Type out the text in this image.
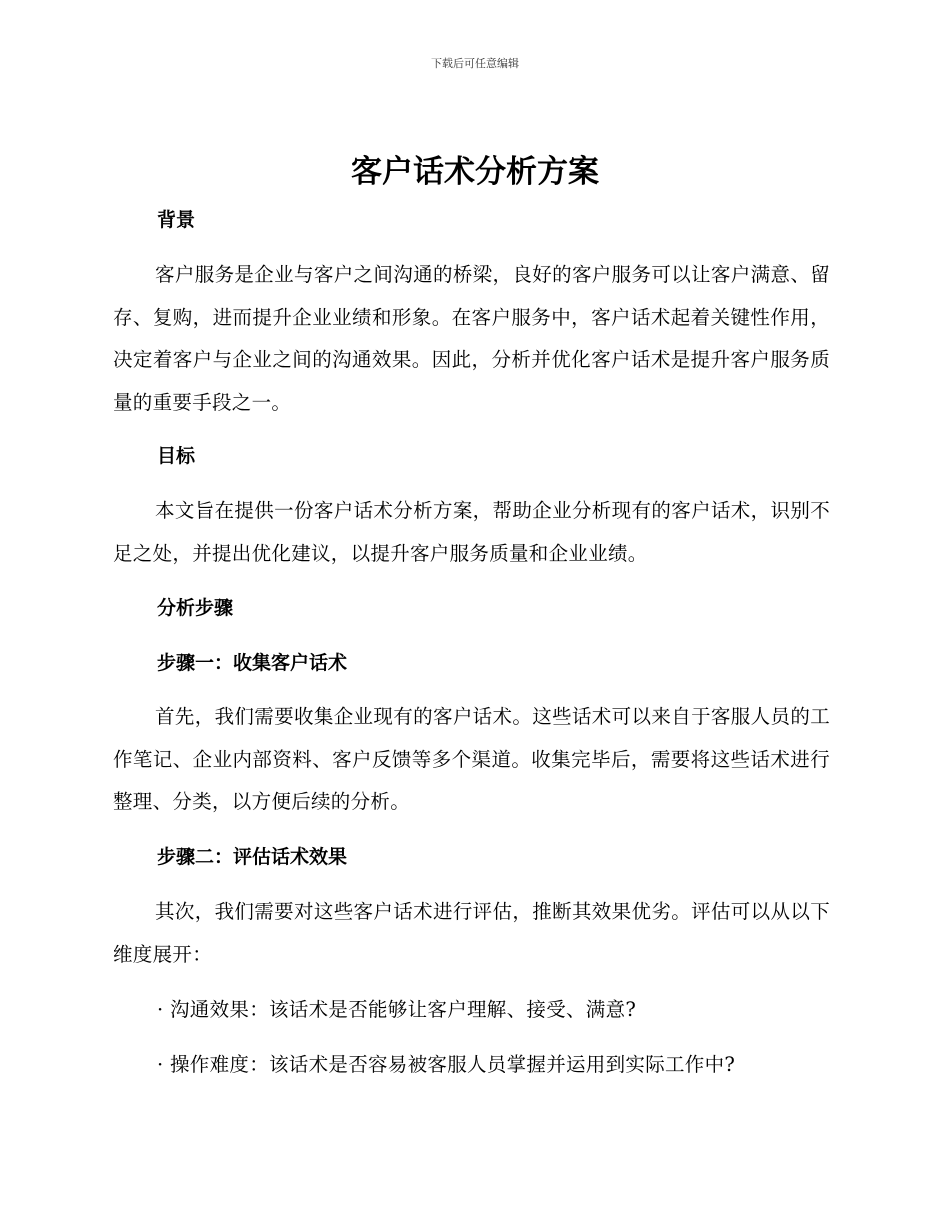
下载后可任意编辑
客户话术分析方案
背景
客户服务是企业与客户之间沟通的桥梁，良好的客户服务可以让客户满意、留存、复购，进而提升企业业绩和形象。在客户服务中，客户话术起着关键性作用，决定着客户与企业之间的沟通效果。因此，分析并优化客户话术是提升客户服务质量的重要手段之一。
目标
本文旨在提供一份客户话术分析方案，帮助企业分析现有的客户话术，识别不足之处，并提出优化建议，以提升客户服务质量和企业业绩。
分析步骤
步骤一：收集客户话术
首先，我们需要收集企业现有的客户话术。这些话术可以来自于客服人员的工作笔记、企业内部资料、客户反馈等多个渠道。收集完毕后，需要将这些话术进行整理、分类，以方便后续的分析。
步骤二：评估话术效果
其次，我们需要对这些客户话术进行评估，推断其效果优劣。评估可以从以下维度展开：
· 沟通效果：该话术是否能够让客户理解、接受、满意?
· 操作难度：该话术是否容易被客服人员掌握并运用到实际工作中?
